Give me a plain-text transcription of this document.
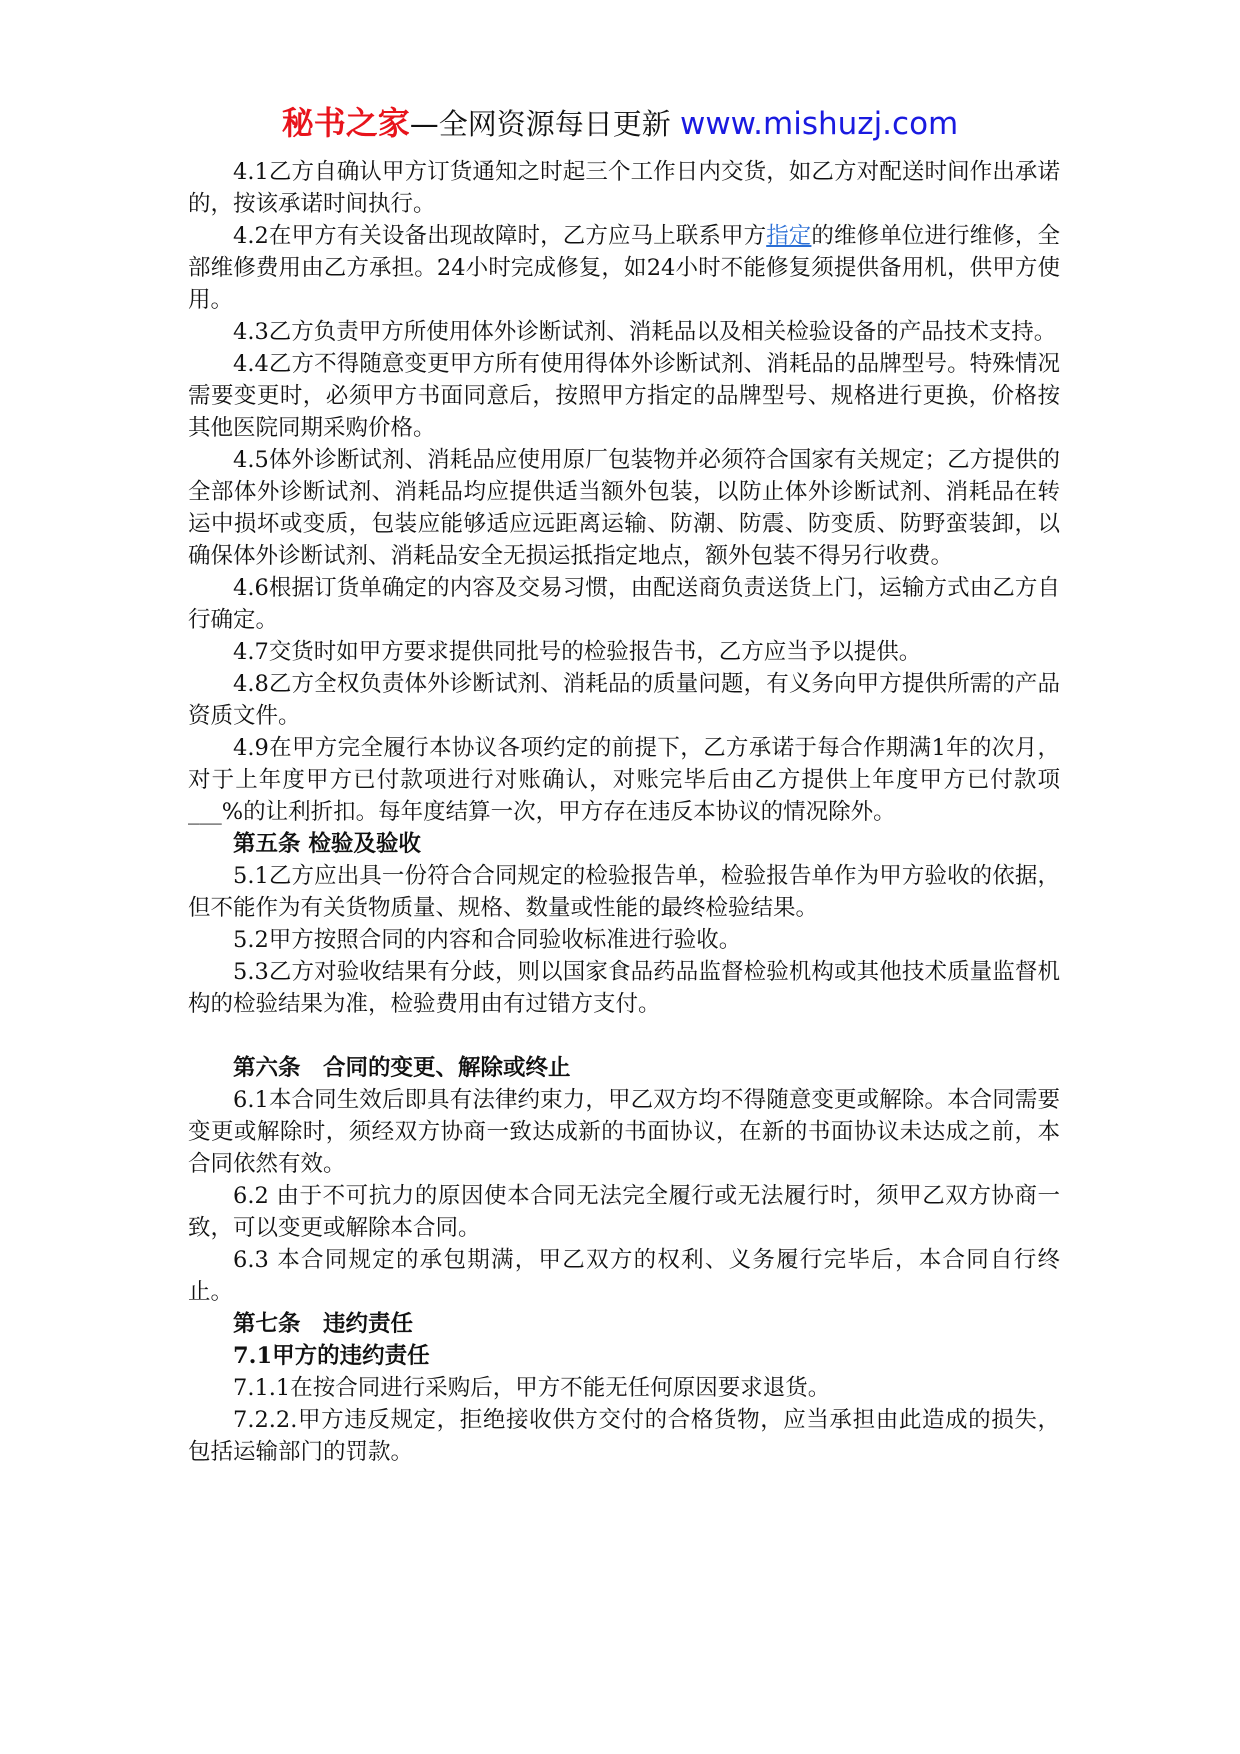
秘书之家—全网资源每日更新 www.mishuzj.com

4.1乙方自确认甲方订货通知之时起三个工作日内交货，如乙方对配送时间作出承诺的，按该承诺时间执行。

4.2在甲方有关设备出现故障时，乙方应马上联系甲方指定的维修单位进行维修，全部维修费用由乙方承担。24小时完成修复，如24小时不能修复须提供备用机，供甲方使用。

4.3乙方负责甲方所使用体外诊断试剂、消耗品以及相关检验设备的产品技术支持。

4.4乙方不得随意变更甲方所有使用得体外诊断试剂、消耗品的品牌型号。特殊情况需要变更时，必须甲方书面同意后，按照甲方指定的品牌型号、规格进行更换，价格按其他医院同期采购价格。

4.5体外诊断试剂、消耗品应使用原厂包装物并必须符合国家有关规定；乙方提供的全部体外诊断试剂、消耗品均应提供适当额外包装，以防止体外诊断试剂、消耗品在转运中损坏或变质，包装应能够适应远距离运输、防潮、防震、防变质、防野蛮装卸，以确保体外诊断试剂、消耗品安全无损运抵指定地点，额外包装不得另行收费。

4.6根据订货单确定的内容及交易习惯，由配送商负责送货上门，运输方式由乙方自行确定。

4.7交货时如甲方要求提供同批号的检验报告书，乙方应当予以提供。

4.8乙方全权负责体外诊断试剂、消耗品的质量问题，有义务向甲方提供所需的产品资质文件。

4.9在甲方完全履行本协议各项约定的前提下，乙方承诺于每合作期满1年的次月，对于上年度甲方已付款项进行对账确认，对账完毕后由乙方提供上年度甲方已付款项___%的让利折扣。每年度结算一次，甲方存在违反本协议的情况除外。

第五条 检验及验收

5.1乙方应出具一份符合合同规定的检验报告单，检验报告单作为甲方验收的依据，但不能作为有关货物质量、规格、数量或性能的最终检验结果。

5.2甲方按照合同的内容和合同验收标准进行验收。

5.3乙方对验收结果有分歧，则以国家食品药品监督检验机构或其他技术质量监督机构的检验结果为准，检验费用由有过错方支付。

第六条　合同的变更、解除或终止

6.1本合同生效后即具有法律约束力，甲乙双方均不得随意变更或解除。本合同需要变更或解除时，须经双方协商一致达成新的书面协议，在新的书面协议未达成之前，本合同依然有效。

6.2 由于不可抗力的原因使本合同无法完全履行或无法履行时，须甲乙双方协商一致，可以变更或解除本合同。

6.3 本合同规定的承包期满，甲乙双方的权利、义务履行完毕后，本合同自行终止。

第七条　违约责任

7.1甲方的违约责任

7.1.1在按合同进行采购后，甲方不能无任何原因要求退货。

7.2.2.甲方违反规定，拒绝接收供方交付的合格货物，应当承担由此造成的损失，包括运输部门的罚款。
